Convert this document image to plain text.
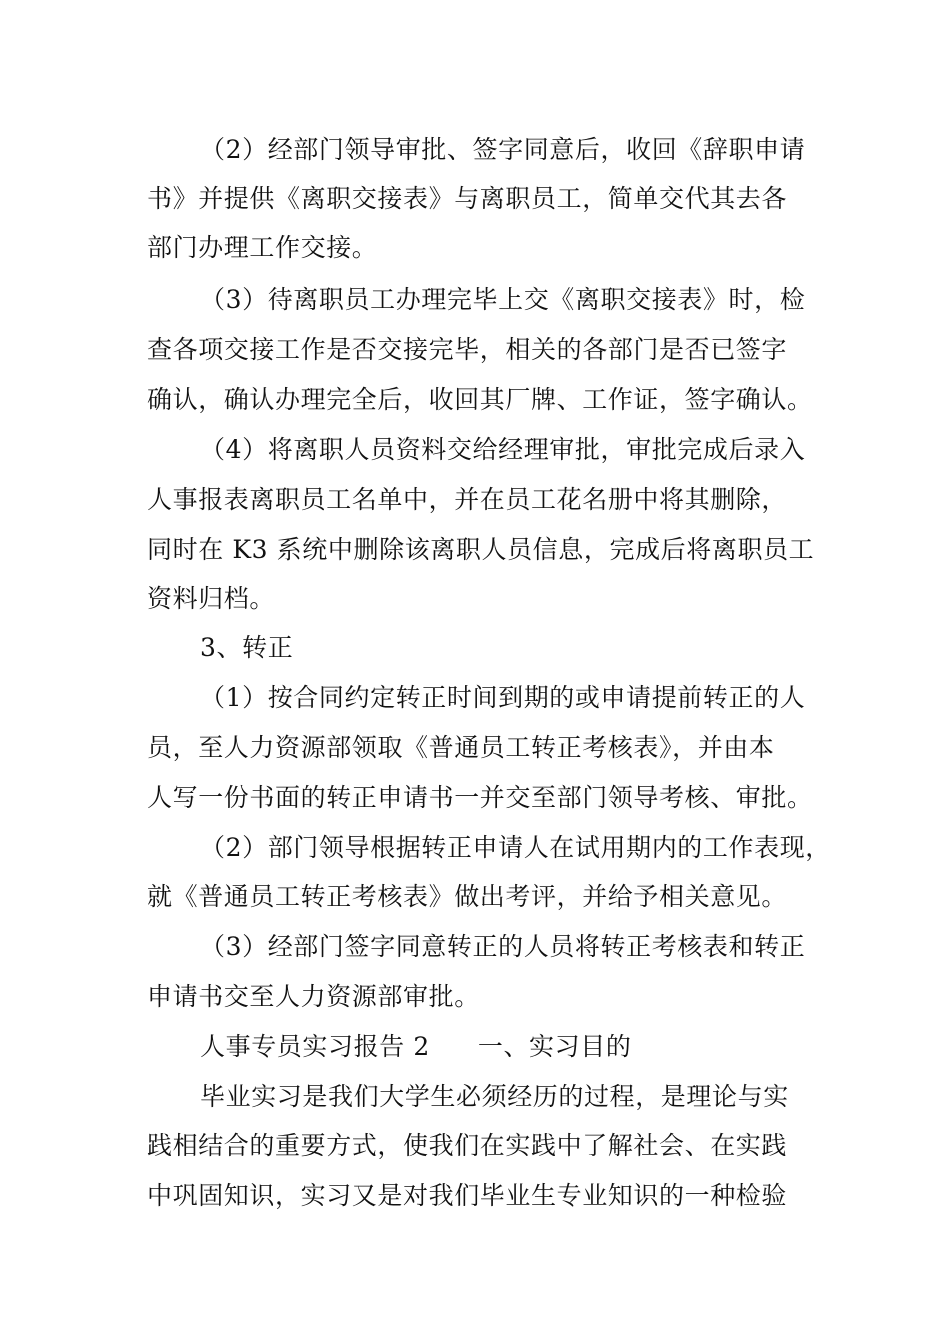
（2）经部门领导审批、签字同意后，收回《辞职申请
书》并提供《离职交接表》与离职员工，简单交代其去各
部门办理工作交接。
（3）待离职员工办理完毕上交《离职交接表》时，检
查各项交接工作是否交接完毕，相关的各部门是否已签字
确认，确认办理完全后，收回其厂牌、工作证，签字确认。
（4）将离职人员资料交给经理审批，审批完成后录入
人事报表离职员工名单中，并在员工花名册中将其删除，
同时在 K3 系统中删除该离职人员信息，完成后将离职员工
资料归档。
3、转正
（1）按合同约定转正时间到期的或申请提前转正的人
员，至人力资源部领取《普通员工转正考核表》，并由本
人写一份书面的转正申请书一并交至部门领导考核、审批。
（2）部门领导根据转正申请人在试用期内的工作表现，
就《普通员工转正考核表》做出考评，并给予相关意见。
（3）经部门签字同意转正的人员将转正考核表和转正
申请书交至人力资源部审批。
人事专员实习报告 2 一、实习目的
毕业实习是我们大学生必须经历的过程，是理论与实
践相结合的重要方式，使我们在实践中了解社会、在实践
中巩固知识，实习又是对我们毕业生专业知识的一种检验
